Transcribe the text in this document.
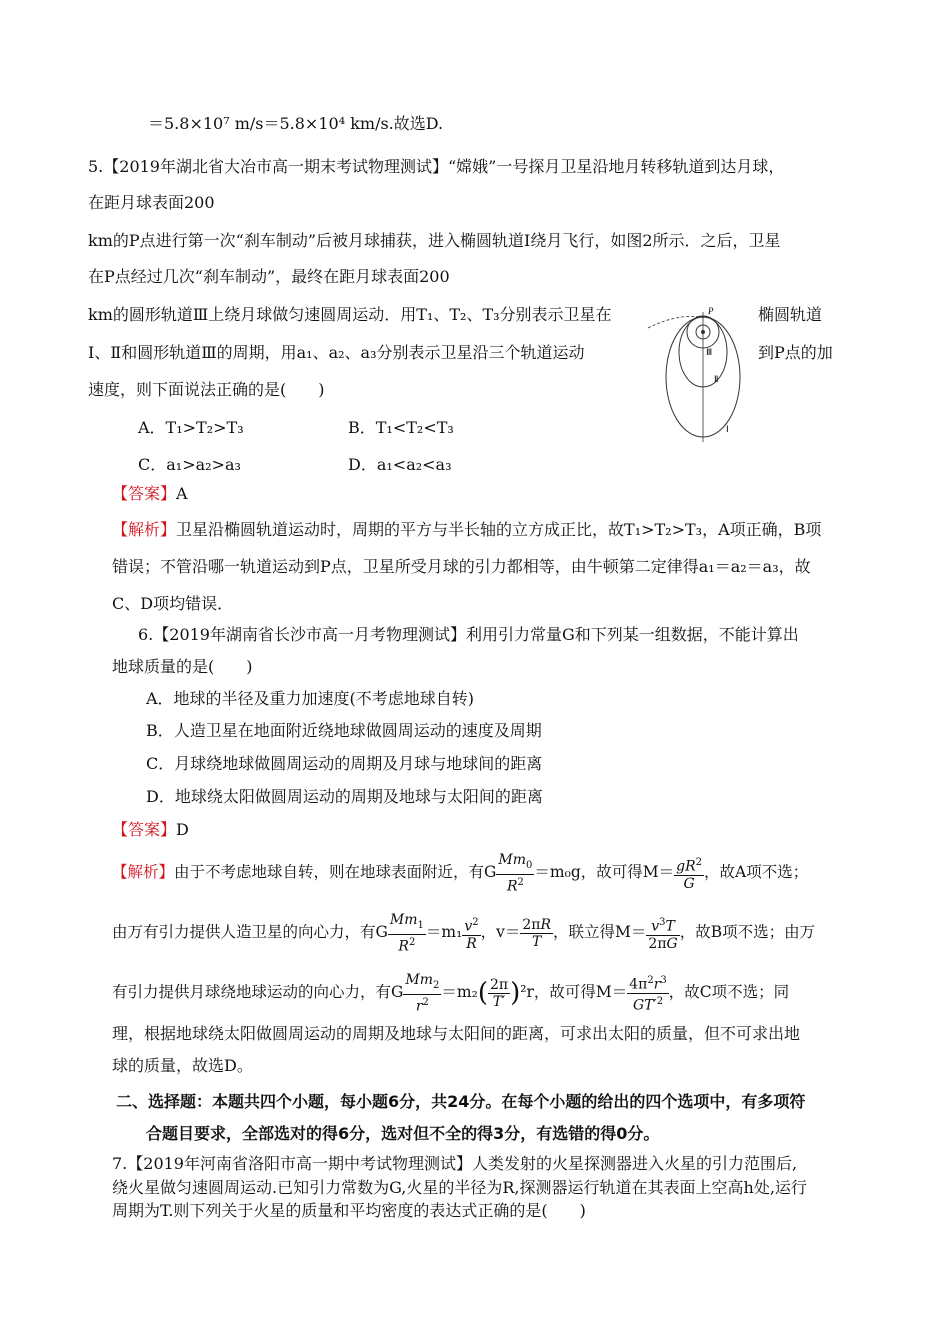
＝5.8×10⁷ m/s＝5.8×10⁴ km/s.故选D.
5.【2019年湖北省大冶市高一期末考试物理测试】“嫦娥”一号探月卫星沿地月转移轨道到达月球，
在距月球表面200
km的P点进行第一次“刹车制动”后被月球捕获，进入椭圆轨道Ⅰ绕月飞行，如图2所示．之后，卫星
在P点经过几次“刹车制动”，最终在距月球表面200
km的圆形轨道Ⅲ上绕月球做匀速圆周运动．用T₁、T₂、T₃分别表示卫星在	椭圆轨道
Ⅰ、Ⅱ和圆形轨道Ⅲ的周期，用a₁、a₂、a₃分别表示卫星沿三个轨道运动	到P点的加
速度，则下面说法正确的是(　　)
A．T₁>T₂>T₃	B．T₁<T₂<T₃
C．a₁>a₂>a₃	D．a₁<a₂<a₃
P
Ⅲ
Ⅱ
Ⅰ
【答案】A
【解析】卫星沿椭圆轨道运动时，周期的平方与半长轴的立方成正比，故T₁>T₂>T₃，A项正确，B项
错误；不管沿哪一轨道运动到P点，卫星所受月球的引力都相等，由牛顿第二定律得a₁＝a₂＝a₃，故
C、D项均错误．
6.【2019年湖南省长沙市高一月考物理测试】利用引力常量G和下列某一组数据，不能计算出
地球质量的是(　　)
A．地球的半径及重力加速度(不考虑地球自转)
B．人造卫星在地面附近绕地球做圆周运动的速度及周期
C．月球绕地球做圆周运动的周期及月球与地球间的距离
D．地球绕太阳做圆周运动的周期及地球与太阳间的距离
【答案】D
【解析】由于不考虑地球自转，则在地球表面附近，有G $\frac{Mm_0}{R^2} =m_0g$，故可得$M= \frac{gR^2}{G}$ ，故A项不选；
由万有引力提供人造卫星的向心力，有G $\frac{Mm_1}{R^2} =m_1 \frac{v^2}{R}$ ，$v= \frac{2\pi R}{T}$ ，联立得$M= \frac{v^3T}{2\pi G}$ ，故B项不选；由万
有引力提供月球绕地球运动的向心力，有G $\frac{Mm_2}{r^2} =m_2( \frac{2\pi}{T'} )^2r$，故可得$M= \frac{4\pi^2r^3}{GT'^2}$ ，故C项不选；同
理，根据地球绕太阳做圆周运动的周期及地球与太阳间的距离，可求出太阳的质量，但不可求出地
球的质量，故选D。
二、选择题：本题共四个小题，每小题6分，共24分。在每个小题的给出的四个选项中，有多项符
合题目要求，全部选对的得6分，选对但不全的得3分，有选错的得0分。
7.【2019年河南省洛阳市高一期中考试物理测试】人类发射的火星探测器进入火星的引力范围后,
绕火星做匀速圆周运动.已知引力常数为G,火星的半径为R,探测器运行轨道在其表面上空高h处,运行
周期为T.则下列关于火星的质量和平均密度的表达式正确的是(　　)
